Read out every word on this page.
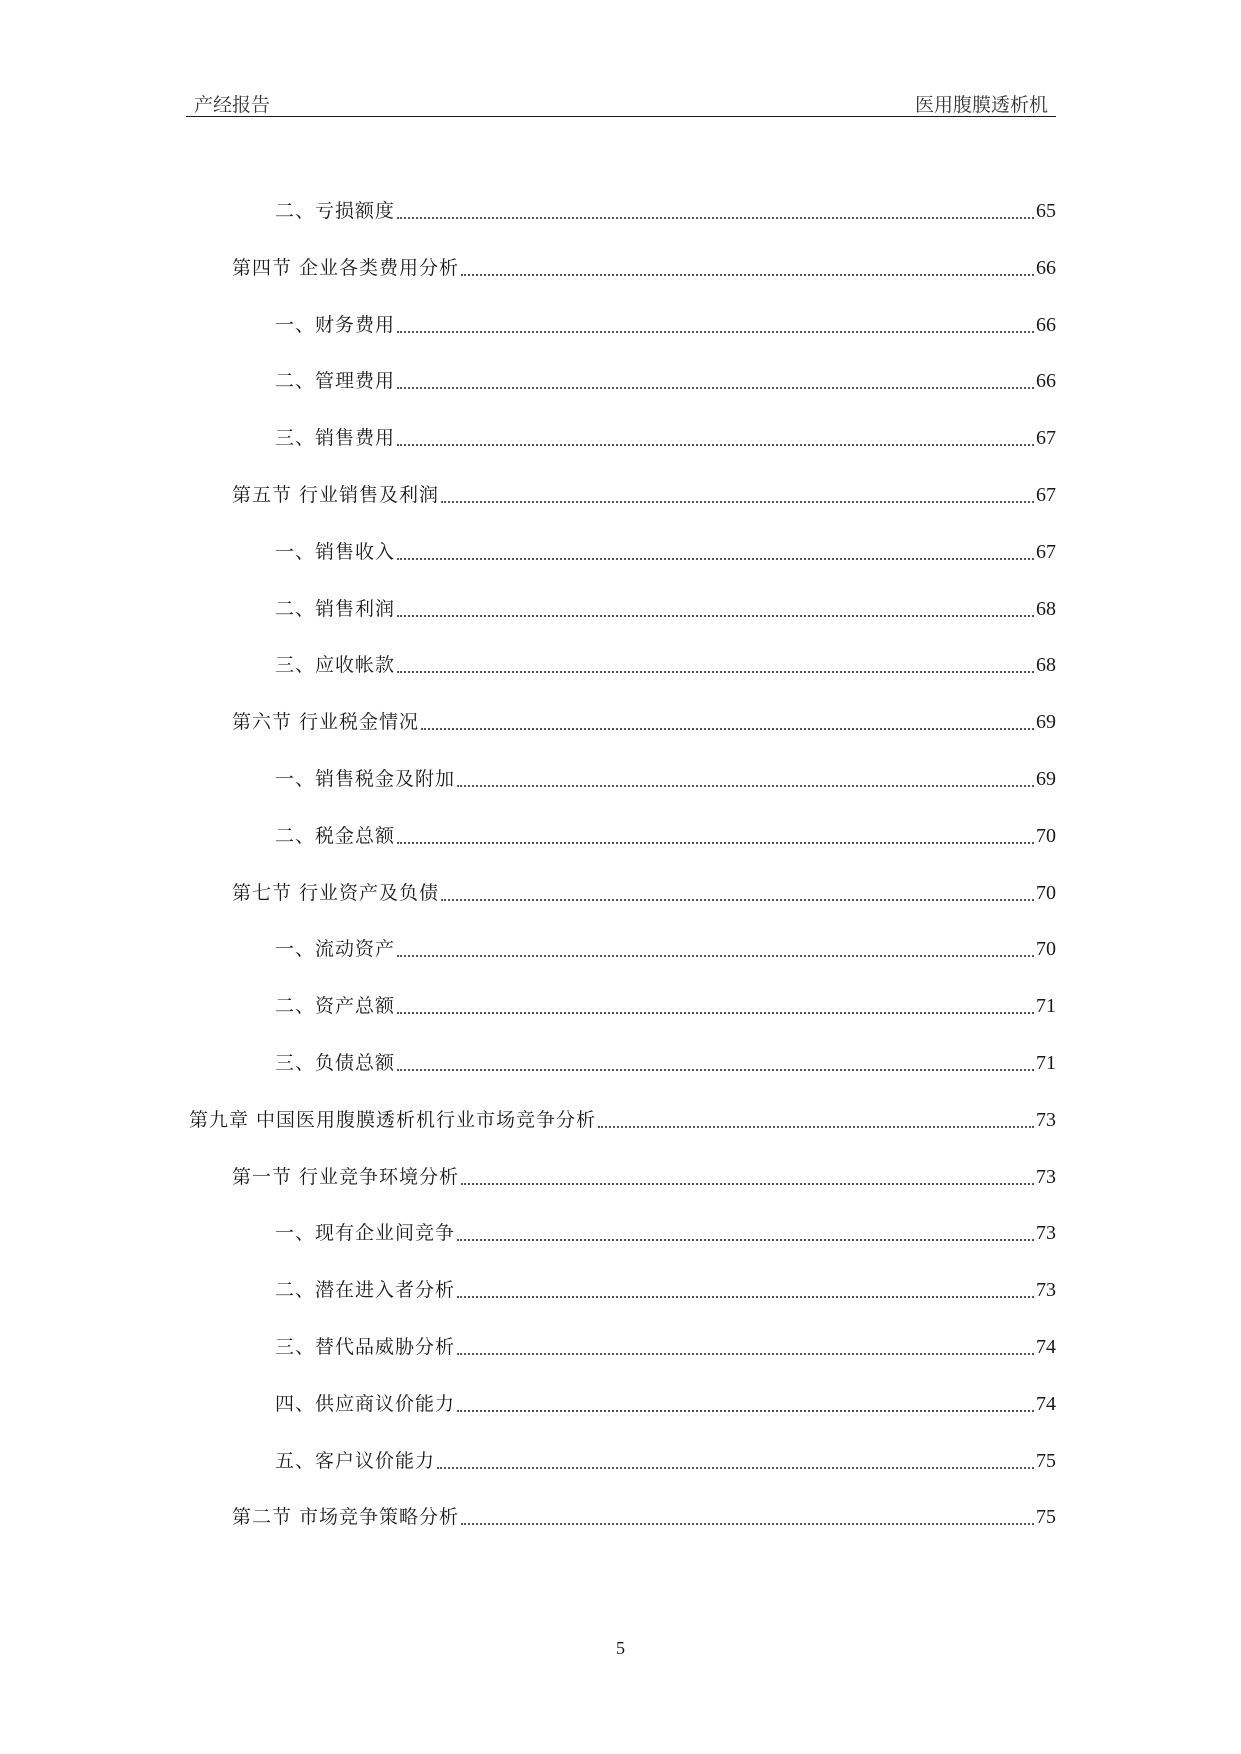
产经报告	医用腹膜透析机
二、亏损额度	65
第四节 企业各类费用分析	66
一、财务费用	66
二、管理费用	66
三、销售费用	67
第五节 行业销售及利润	67
一、销售收入	67
二、销售利润	68
三、应收帐款	68
第六节 行业税金情况	69
一、销售税金及附加	69
二、税金总额	70
第七节 行业资产及负债	70
一、流动资产	70
二、资产总额	71
三、负债总额	71
第九章 中国医用腹膜透析机行业市场竞争分析	73
第一节 行业竞争环境分析	73
一、现有企业间竞争	73
二、潜在进入者分析	73
三、替代品威胁分析	74
四、供应商议价能力	74
五、客户议价能力	75
第二节 市场竞争策略分析	75
5
